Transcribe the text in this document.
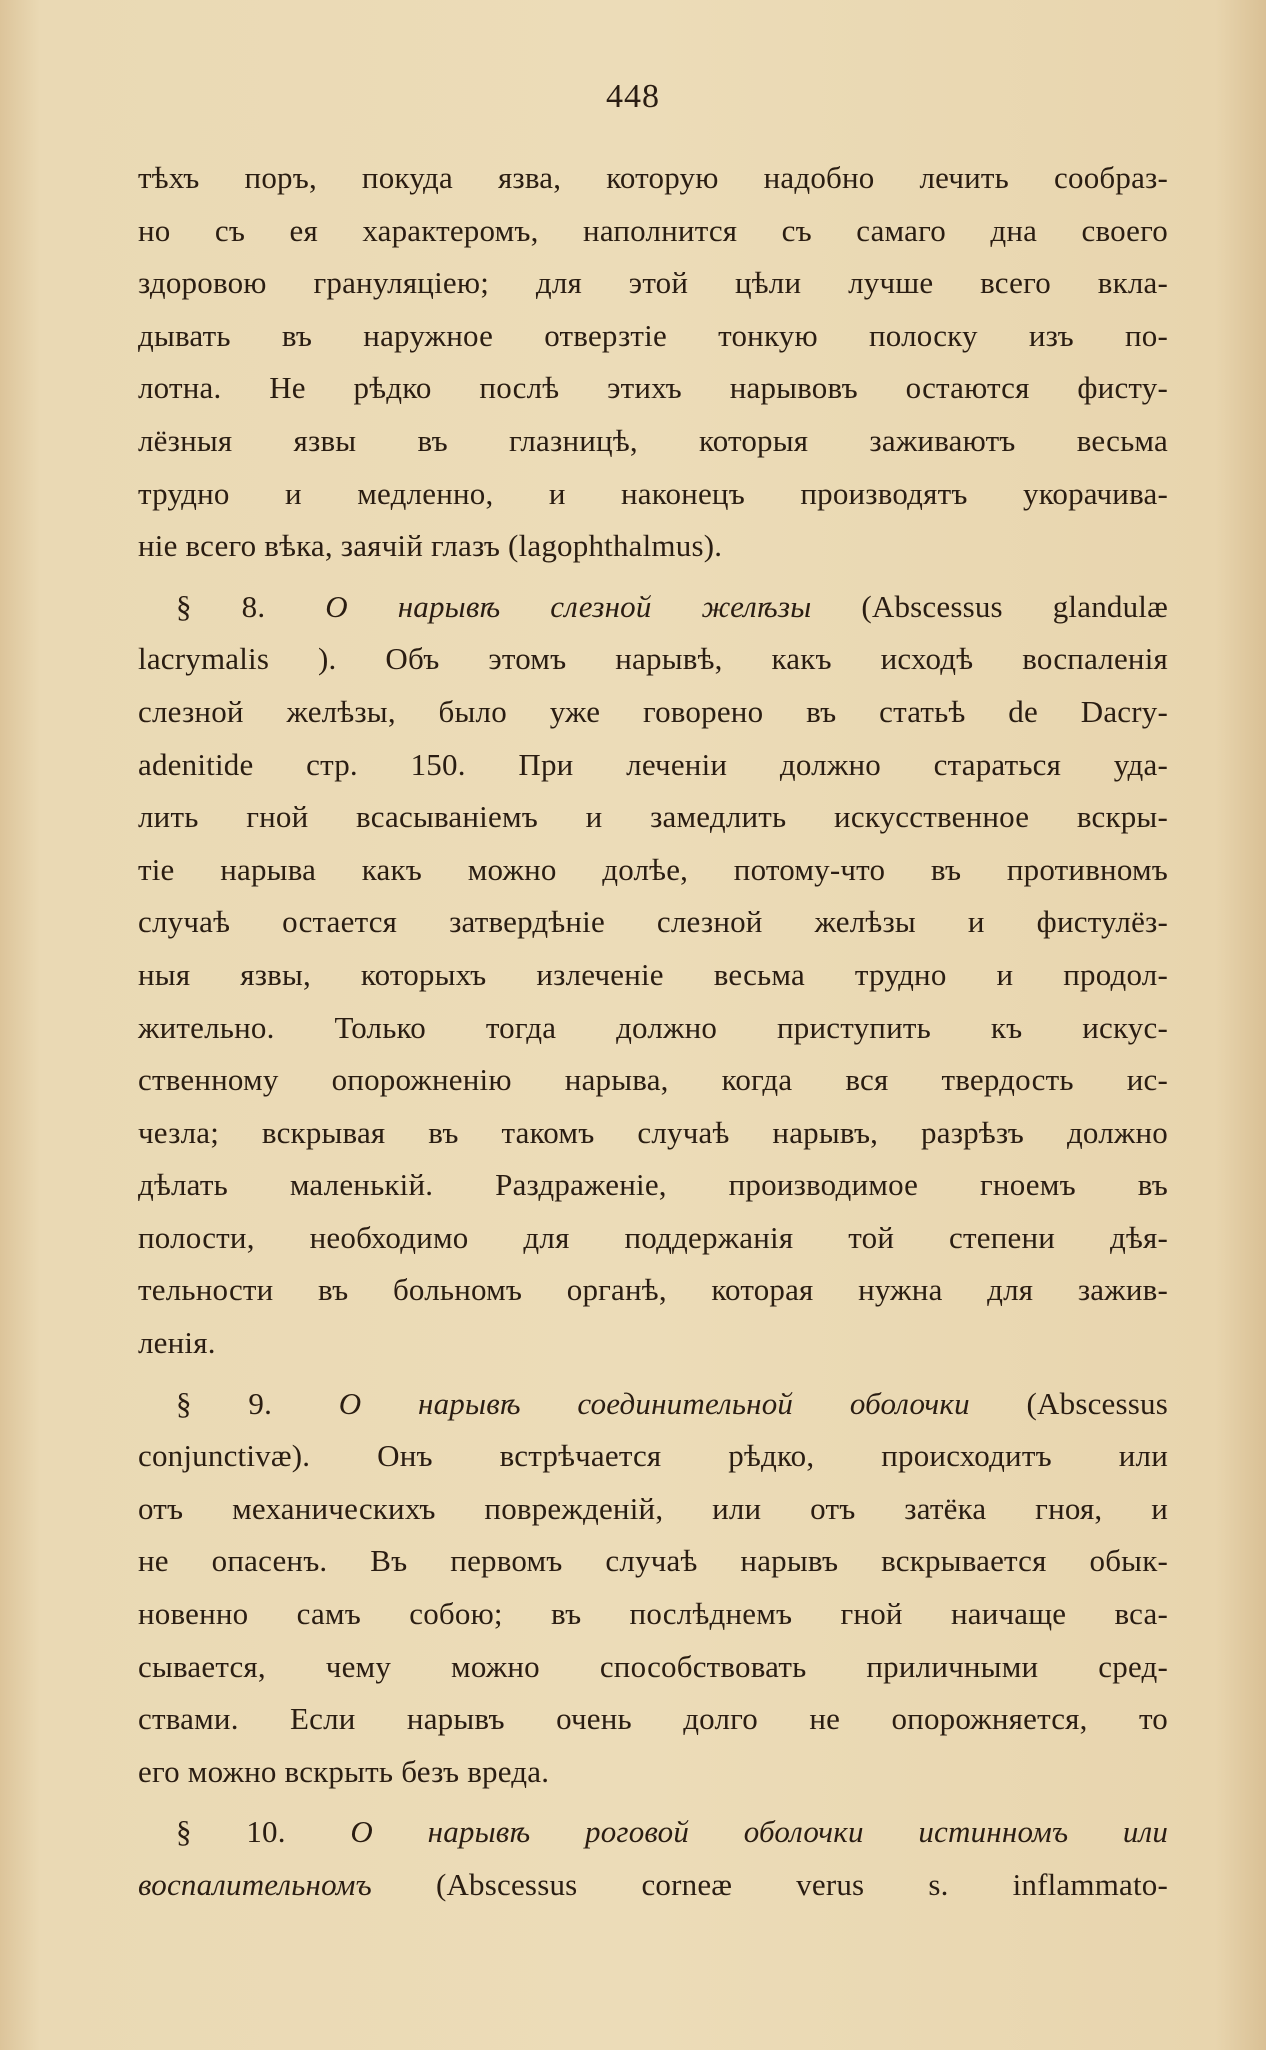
448
тѣхъ поръ, покуда язва, которую надобно лечить сообраз-
но съ ея характеромъ, наполнится съ самаго дна своего
здоровою грануляціею; для этой цѣли лучше всего вкла-
дывать въ наружное отверзтіе тонкую полоску изъ по-
лотна. Не рѣдко послѣ этихъ нарывовъ остаются фисту-
лёзныя язвы въ глазницѣ, которыя заживаютъ весьма
трудно и медленно, и наконецъ производятъ укорачива-
ніе всего вѣка, заячій глазъ (lagophthalmus).
§ 8. О нарывѣ слезной желѣзы (Abscessus glandulæ
lacrymalis ). Объ этомъ нарывѣ, какъ исходѣ воспаленія
слезной желѣзы, было уже говорено въ статьѣ de Dacry-
adenitide стр. 150. При леченіи должно стараться уда-
лить гной всасываніемъ и замедлить искусственное вскры-
тіе нарыва какъ можно долѣе, потому-что въ противномъ
случаѣ остается затвердѣніе слезной желѣзы и фистулёз-
ныя язвы, которыхъ излеченіе весьма трудно и продол-
жительно. Только тогда должно приступить къ искус-
ственному опорожненію нарыва, когда вся твердость ис-
чезла; вскрывая въ такомъ случаѣ нарывъ, разрѣзъ должно
дѣлать маленькій. Раздраженіе, производимое гноемъ въ
полости, необходимо для поддержанія той степени дѣя-
тельности въ больномъ органѣ, которая нужна для зажив-
ленія.
§ 9. О нарывѣ соединительной оболочки (Abscessus
conjunctivæ). Онъ встрѣчается рѣдко, происходитъ или
отъ механическихъ поврежденій, или отъ затёка гноя, и
не опасенъ. Въ первомъ случаѣ нарывъ вскрывается обык-
новенно самъ собою; въ послѣднемъ гной наичаще вса-
сывается, чему можно способствовать приличными сред-
ствами. Если нарывъ очень долго не опорожняется, то
его можно вскрыть безъ вреда.
§ 10. О нарывѣ роговой оболочки истинномъ или
воспалительномъ (Abscessus corneæ verus s. inflammato-
